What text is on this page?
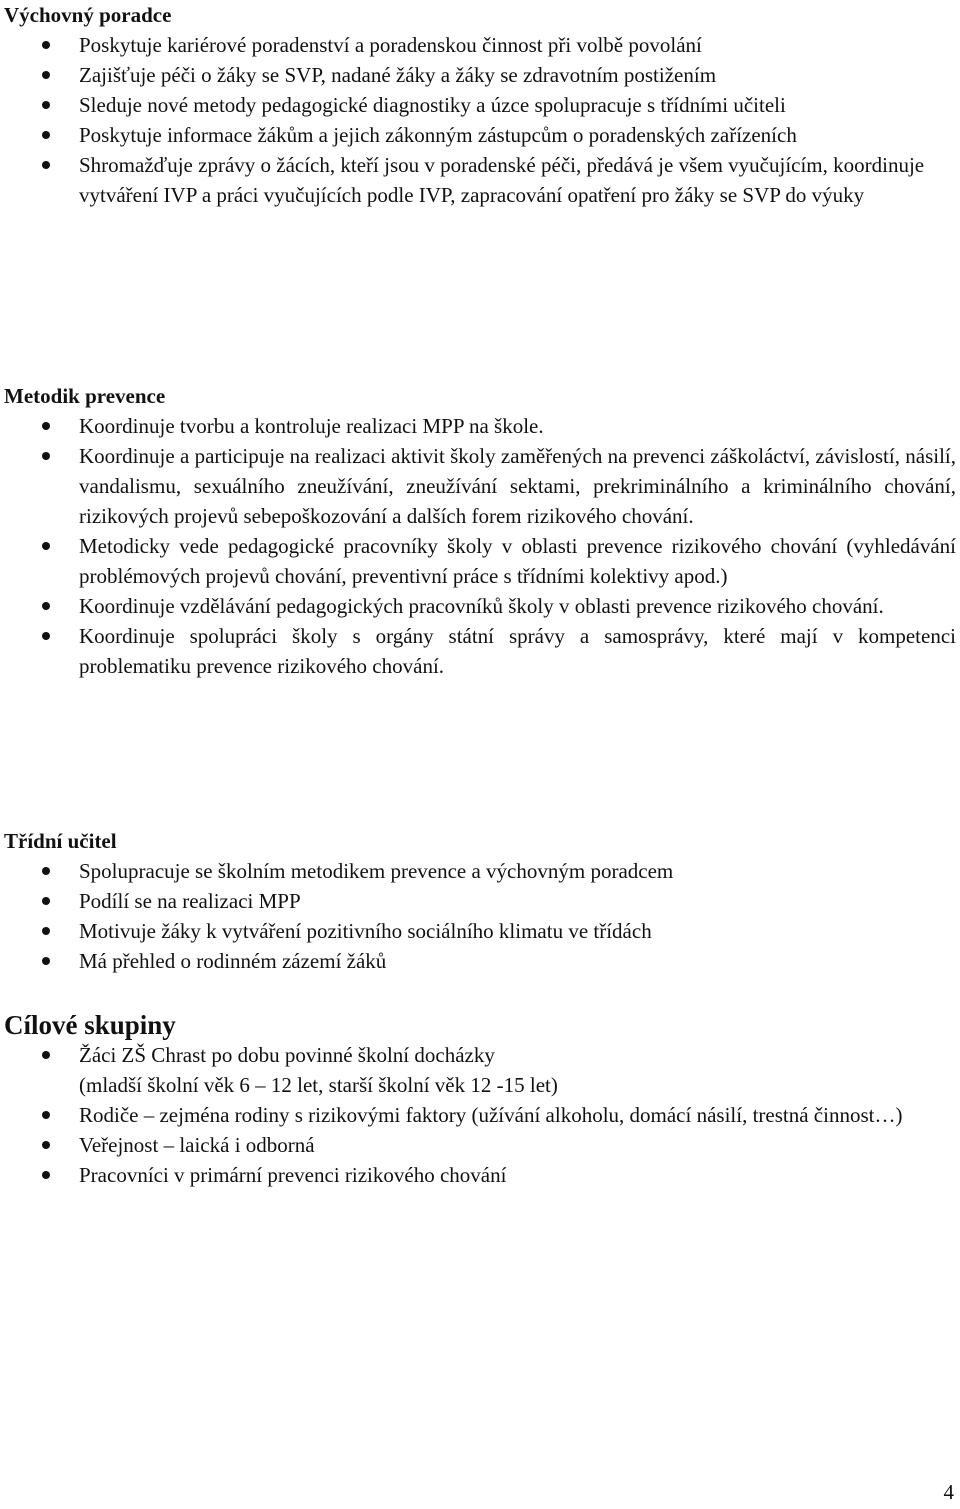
Výchovný poradce
Poskytuje kariérové poradenství a poradenskou činnost při volbě povolání
Zajišťuje péči o žáky se SVP, nadané žáky a žáky se zdravotním postižením
Sleduje nové metody pedagogické diagnostiky a úzce spolupracuje s třídními učiteli
Poskytuje informace žákům a jejich zákonným zástupcům o poradenských zařízeních
Shromažďuje zprávy o žácích, kteří jsou v poradenské péči, předává je všem vyučujícím, koordinuje vytváření IVP a práci vyučujících podle IVP, zapracování opatření pro žáky se SVP do výuky
Metodik prevence
Koordinuje tvorbu a kontroluje realizaci MPP na škole.
Koordinuje a participuje na realizaci aktivit školy zaměřených na prevenci záškoláctví, závislostí, násilí, vandalismu, sexuálního zneužívání, zneužívání sektami, prekriminálního a kriminálního chování, rizikových projevů sebepoškozování a dalších forem rizikového chování.
Metodicky vede pedagogické pracovníky školy v oblasti prevence rizikového chování (vyhledávání problémových projevů chování, preventivní práce s třídními kolektivy apod.)
Koordinuje vzdělávání pedagogických pracovníků školy v oblasti prevence rizikového chování.
Koordinuje spolupráci školy s orgány státní správy a samosprávy, které mají v kompetenci problematiku prevence rizikového chování.
Třídní učitel
Spolupracuje se školním metodikem prevence a výchovným poradcem
Podílí se na realizaci MPP
Motivuje žáky k vytváření pozitivního sociálního klimatu ve třídách
Má přehled o rodinném zázemí žáků
Cílové skupiny
Žáci ZŠ Chrast po dobu povinné školní docházky
(mladší školní věk 6 – 12 let, starší školní věk 12 -15 let)
Rodiče – zejména rodiny s rizikovými faktory (užívání alkoholu, domácí násilí, trestná činnost…)
Veřejnost – laická i odborná
Pracovníci v primární prevenci rizikového chování
4
